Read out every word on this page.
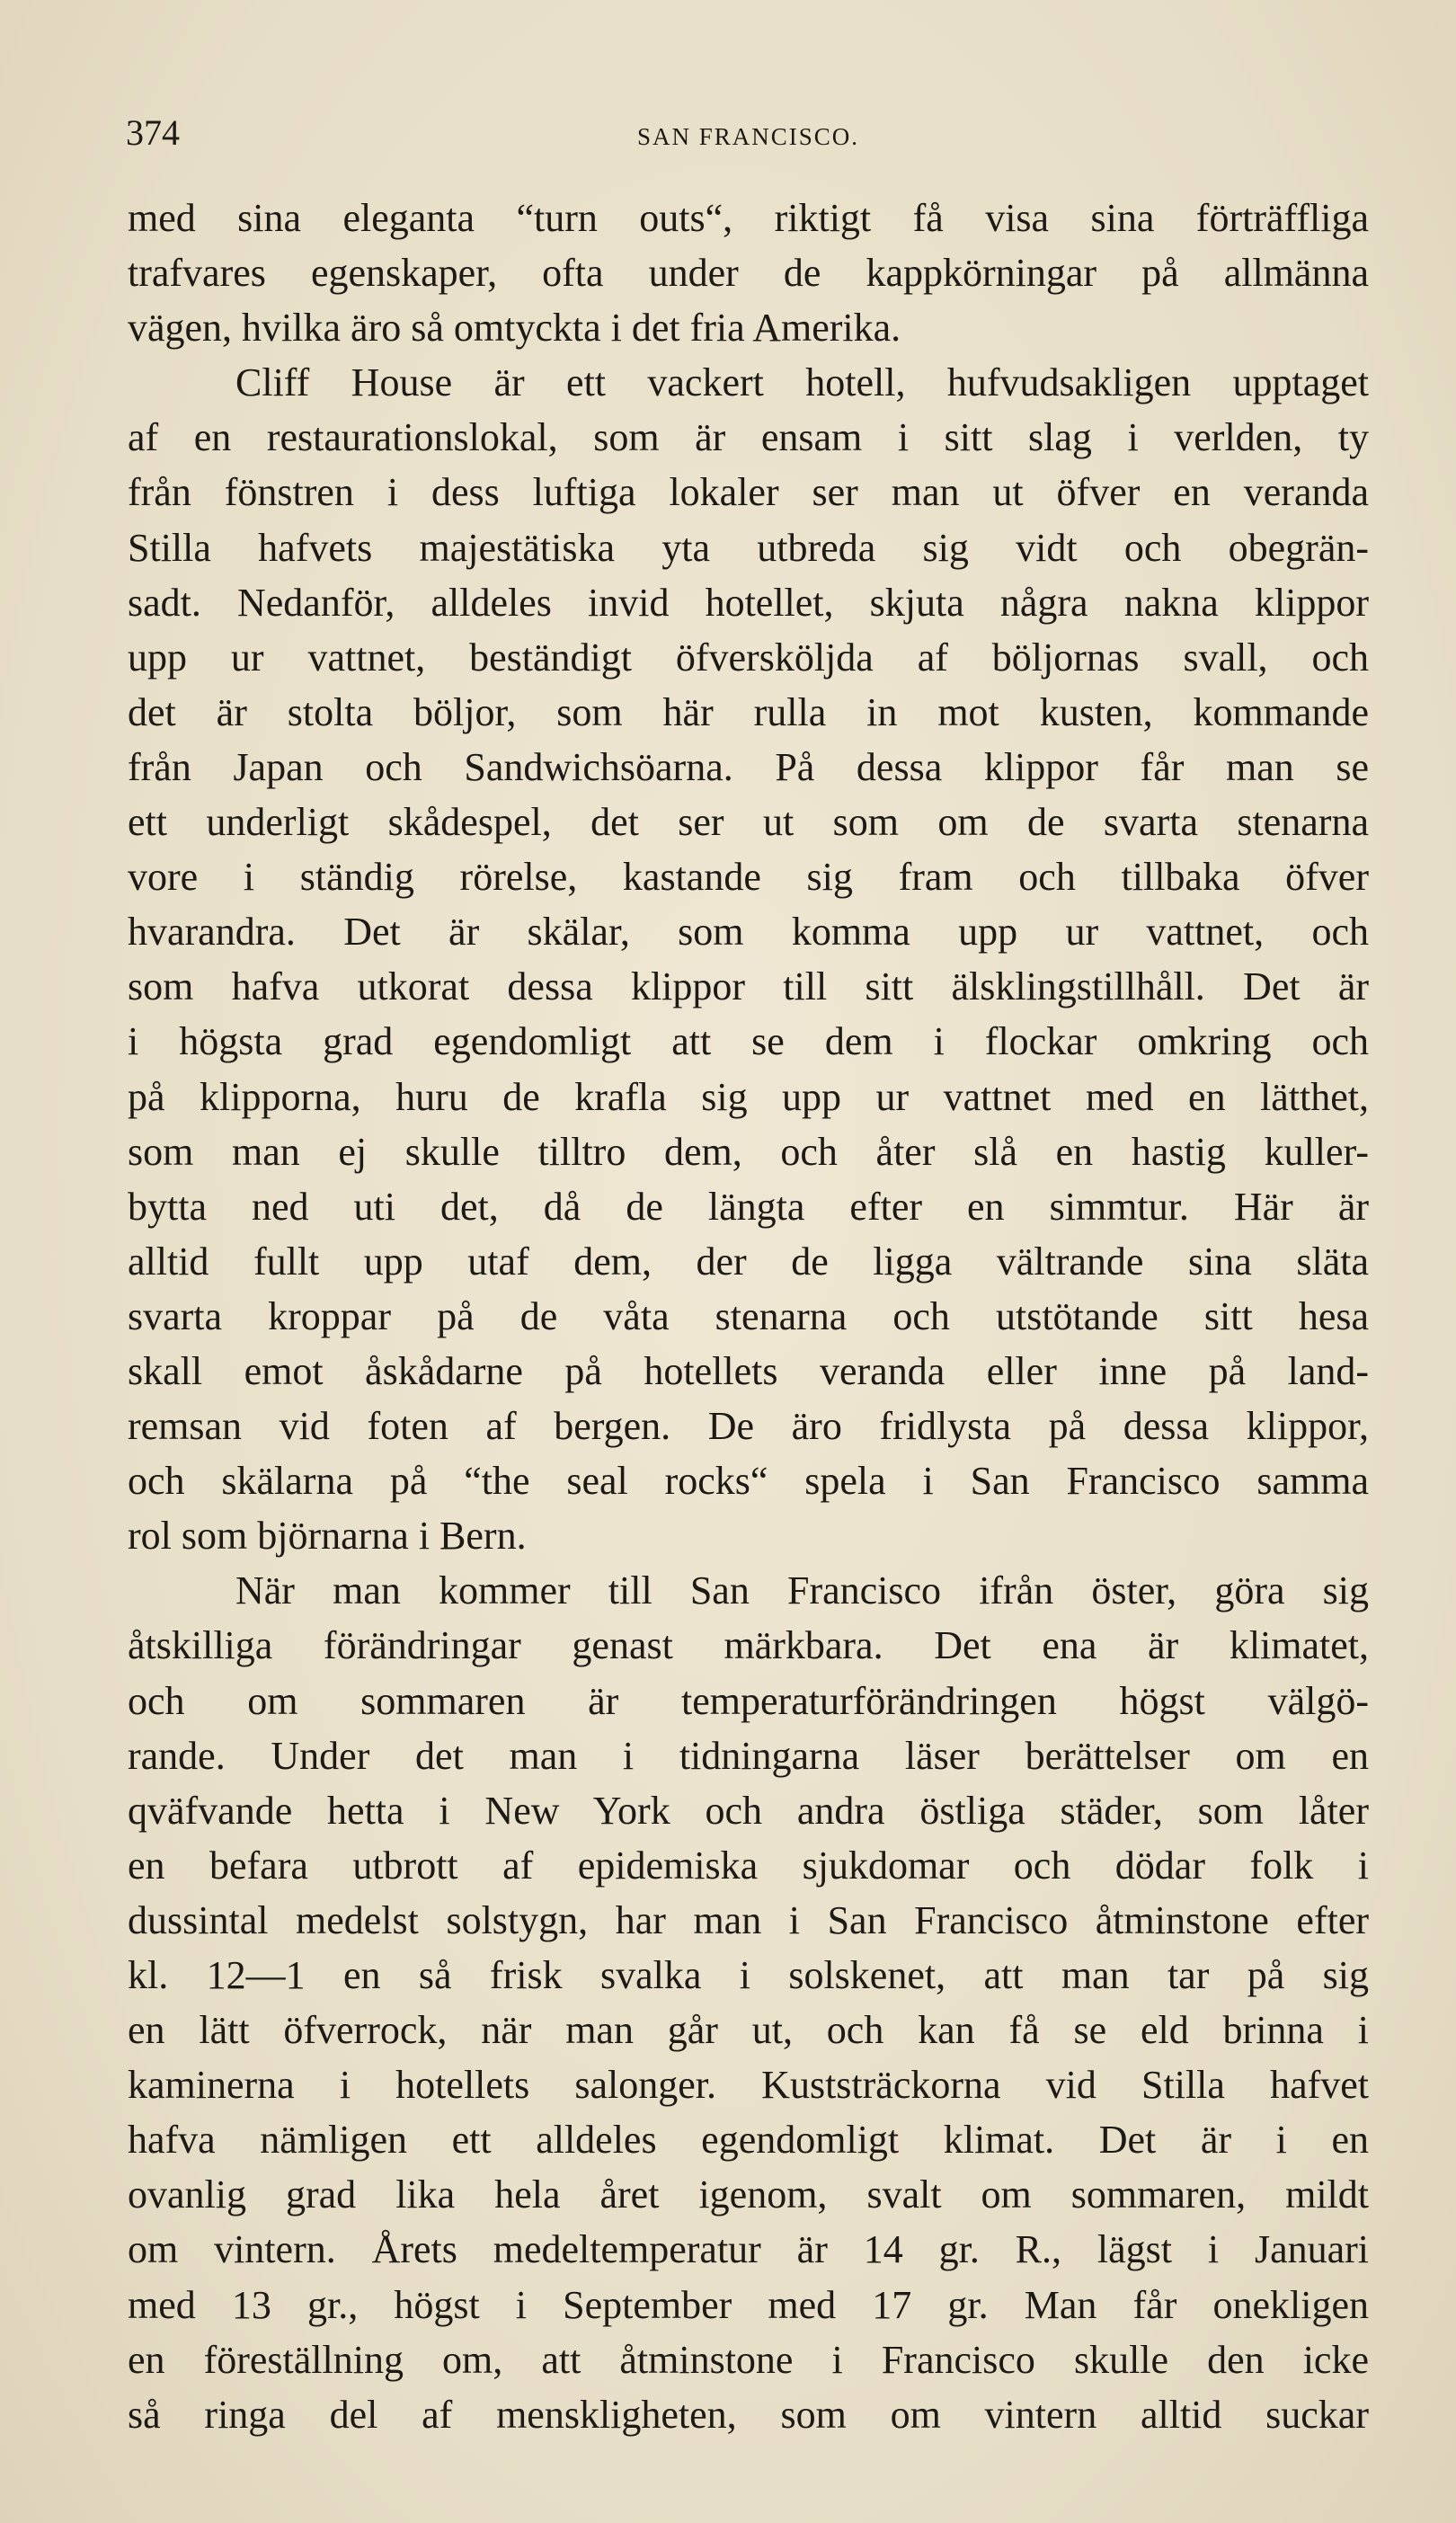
374	SAN FRANCISCO.
med sina eleganta “turn outs“, riktigt få visa sina förträffliga
trafvares egenskaper, ofta under de kappkörningar på allmänna
vägen, hvilka äro så omtyckta i det fria Amerika.
Cliff House är ett vackert hotell, hufvudsakligen upptaget
af en restaurationslokal, som är ensam i sitt slag i verlden, ty
från fönstren i dess luftiga lokaler ser man ut öfver en veranda
Stilla hafvets majestätiska yta utbreda sig vidt och obegrän-
sadt. Nedanför, alldeles invid hotellet, skjuta några nakna klippor
upp ur vattnet, beständigt öfversköljda af böljornas svall, och
det är stolta böljor, som här rulla in mot kusten, kommande
från Japan och Sandwichsöarna. På dessa klippor får man se
ett underligt skådespel, det ser ut som om de svarta stenarna
vore i ständig rörelse, kastande sig fram och tillbaka öfver
hvarandra. Det är skälar, som komma upp ur vattnet, och
som hafva utkorat dessa klippor till sitt älsklingstillhåll. Det är
i högsta grad egendomligt att se dem i flockar omkring och
på klipporna, huru de krafla sig upp ur vattnet med en lätthet,
som man ej skulle tilltro dem, och åter slå en hastig kuller-
bytta ned uti det, då de längta efter en simmtur. Här är
alltid fullt upp utaf dem, der de ligga vältrande sina släta
svarta kroppar på de våta stenarna och utstötande sitt hesa
skall emot åskådarne på hotellets veranda eller inne på land-
remsan vid foten af bergen. De äro fridlysta på dessa klippor,
och skälarna på “the seal rocks“ spela i San Francisco samma
rol som björnarna i Bern.
När man kommer till San Francisco ifrån öster, göra sig
åtskilliga förändringar genast märkbara. Det ena är klimatet,
och om sommaren är temperaturförändringen högst välgö-
rande. Under det man i tidningarna läser berättelser om en
qväfvande hetta i New York och andra östliga städer, som låter
en befara utbrott af epidemiska sjukdomar och dödar folk i
dussintal medelst solstygn, har man i San Francisco åtminstone efter
kl. 12—1 en så frisk svalka i solskenet, att man tar på sig
en lätt öfverrock, när man går ut, och kan få se eld brinna i
kaminerna i hotellets salonger. Kuststräckorna vid Stilla hafvet
hafva nämligen ett alldeles egendomligt klimat. Det är i en
ovanlig grad lika hela året igenom, svalt om sommaren, mildt
om vintern. Årets medeltemperatur är 14 gr. R., lägst i Januari
med 13 gr., högst i September med 17 gr. Man får onekligen
en föreställning om, att åtminstone i Francisco skulle den icke
så ringa del af menskligheten, som om vintern alltid suckar
